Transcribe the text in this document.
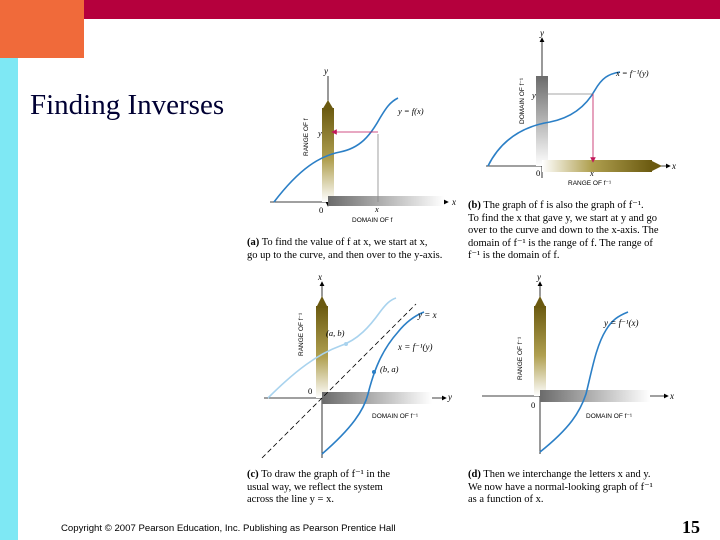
Finding Inverses
y
x
y = f(x)
y
x
0
DOMAIN OF f
RANGE OF f
y
x
x = f⁻¹(y)
y
x
0
RANGE OF f⁻¹
DOMAIN OF f⁻¹
x
y
y = x
x = f⁻¹(y)
(a, b)
(b, a)
0
DOMAIN OF f⁻¹
RANGE OF f⁻¹
y
x
y = f⁻¹(x)
0
DOMAIN OF f⁻¹
RANGE OF f⁻¹
(a) To find the value of f at x, we start at x,
go up to the curve, and then over to the y-axis.
(b) The graph of f is also the graph of f⁻¹.
To find the x that gave y, we start at y and go
over to the curve and down to the x-axis. The
domain of f⁻¹ is the range of f. The range of
f⁻¹ is the domain of f.
(c) To draw the graph of f⁻¹ in the
usual way, we reflect the system
across the line y = x.
(d) Then we interchange the letters x and y.
We now have a normal-looking graph of f⁻¹
as a function of x.
Copyright © 2007 Pearson Education, Inc. Publishing as Pearson Prentice Hall	15
